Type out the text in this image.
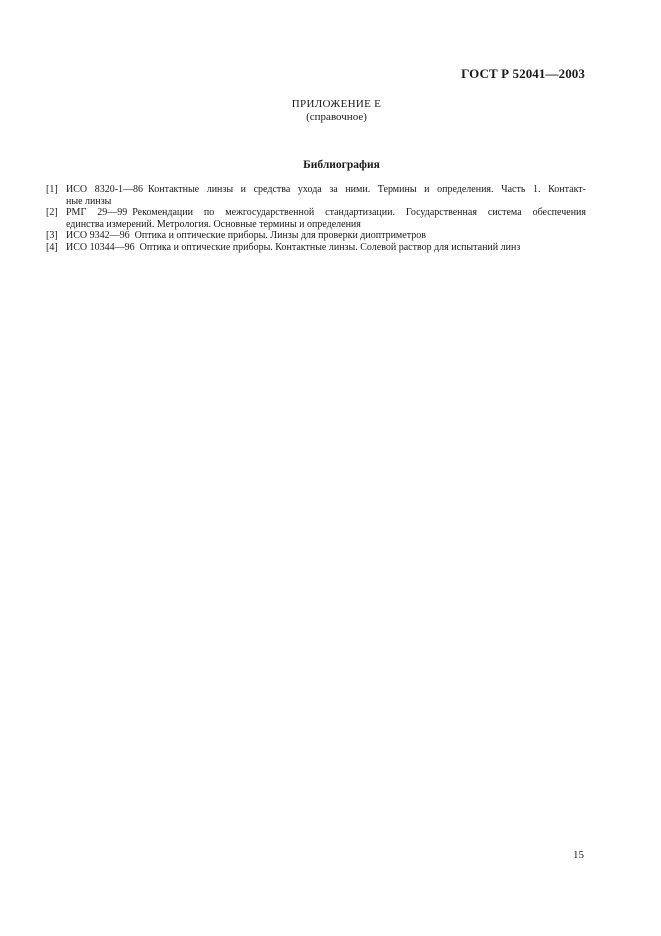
ГОСТ Р 52041—2003
ПРИЛОЖЕНИЕ Е
(справочное)
Библиография
[1] ИСО 8320-1—86 Контактные линзы и средства ухода за ними. Термины и определения. Часть 1. Контакт-
ные линзы
[2] РМГ 29—99 Рекомендации по межгосударственной стандартизации. Государственная система обеспечения
единства измерений. Метрология. Основные термины и определения
[3] ИСО 9342—96 Оптика и оптические приборы. Линзы для проверки диоптриметров
[4] ИСО 10344—96 Оптика и оптические приборы. Контактные линзы. Солевой раствор для испытаний линз
15
